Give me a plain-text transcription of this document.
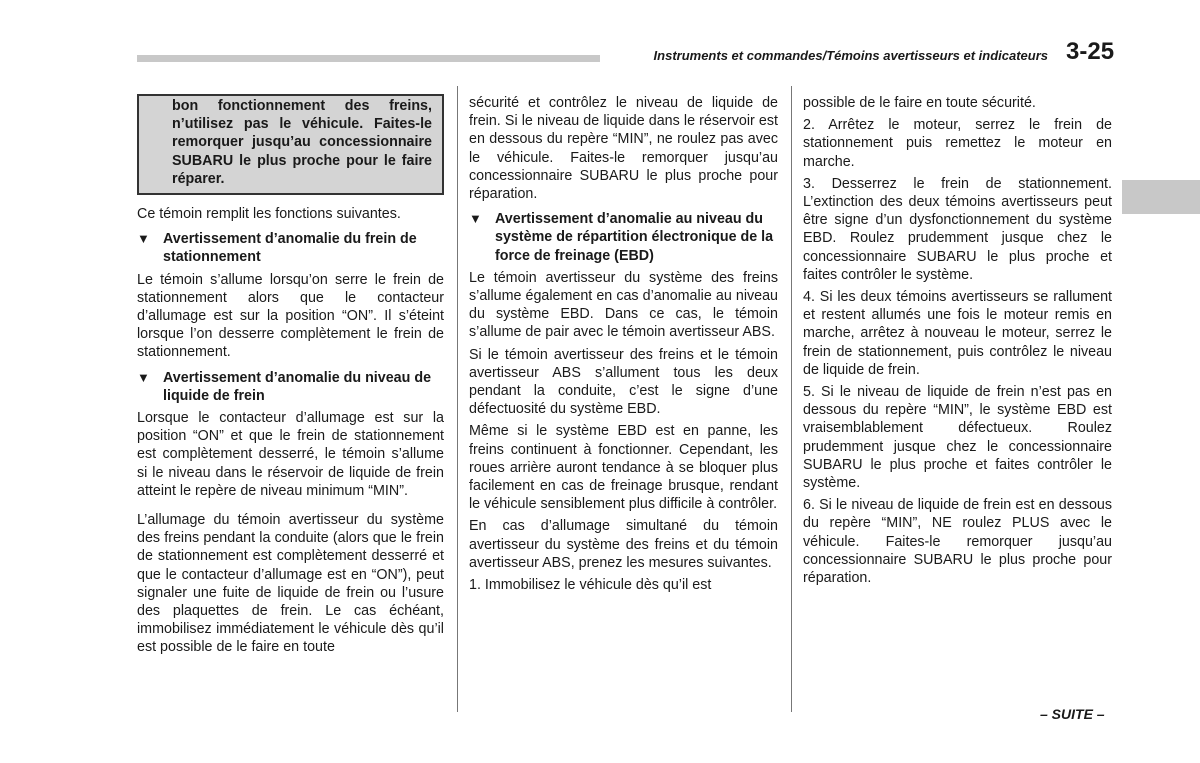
Instruments et commandes/Témoins avertisseurs et indicateurs 3-25
bon fonctionnement des freins, n’utilisez pas le véhicule. Faites-le remorquer jusqu’au concessionnaire SUBARU le plus proche pour le faire réparer.

Ce témoin remplit les fonctions suivantes.

▼ Avertissement d’anomalie du frein de stationnement

Le témoin s’allume lorsqu’on serre le frein de stationnement alors que le contacteur d’allumage est sur la position “ON”. Il s’éteint lorsque l’on desserre complètement le frein de stationnement.

▼ Avertissement d’anomalie du niveau de liquide de frein

Lorsque le contacteur d’allumage est sur la position “ON” et que le frein de stationnement est complètement desserré, le témoin s’allume si le niveau dans le réservoir de liquide de frein atteint le repère de niveau minimum “MIN”.

L’allumage du témoin avertisseur du système des freins pendant la conduite (alors que le frein de stationnement est complètement desserré et que le contacteur d’allumage est en “ON”), peut signaler une fuite de liquide de frein ou l’usure des plaquettes de frein. Le cas échéant, immobilisez immédiatement le véhicule dès qu’il est possible de le faire en toute

sécurité et contrôlez le niveau de liquide de frein. Si le niveau de liquide dans le réservoir est en dessous du repère “MIN”, ne roulez pas avec le véhicule. Faites-le remorquer jusqu’au concessionnaire SUBARU le plus proche pour réparation.

▼ Avertissement d’anomalie au niveau du système de répartition électronique de la force de freinage (EBD)

Le témoin avertisseur du système des freins s’allume également en cas d’anomalie au niveau du système EBD. Dans ce cas, le témoin s’allume de pair avec le témoin avertisseur ABS.

Si le témoin avertisseur des freins et le témoin avertisseur ABS s’allument tous les deux pendant la conduite, c’est le signe d’une défectuosité du système EBD.

Même si le système EBD est en panne, les freins continuent à fonctionner. Cependant, les roues arrière auront tendance à se bloquer plus facilement en cas de freinage brusque, rendant le véhicule sensiblement plus difficile à contrôler.

En cas d’allumage simultané du témoin avertisseur du système des freins et du témoin avertisseur ABS, prenez les mesures suivantes.

1. Immobilisez le véhicule dès qu’il est

possible de le faire en toute sécurité.

2. Arrêtez le moteur, serrez le frein de stationnement puis remettez le moteur en marche.

3. Desserrez le frein de stationnement. L’extinction des deux témoins avertisseurs peut être signe d’un dysfonctionnement du système EBD. Roulez prudemment jusque chez le concessionnaire SUBARU le plus proche et faites contrôler le système.

4. Si les deux témoins avertisseurs se rallument et restent allumés une fois le moteur remis en marche, arrêtez à nouveau le moteur, serrez le frein de stationnement, puis contrôlez le niveau de liquide de frein.

5. Si le niveau de liquide de frein n’est pas en dessous du repère “MIN”, le système EBD est vraisemblablement défectueux. Roulez prudemment jusque chez le concessionnaire SUBARU le plus proche et faites contrôler le système.

6. Si le niveau de liquide de frein est en dessous du repère “MIN”, NE roulez PLUS avec le véhicule. Faites-le remorquer jusqu’au concessionnaire SUBARU le plus proche pour réparation.

– SUITE –
